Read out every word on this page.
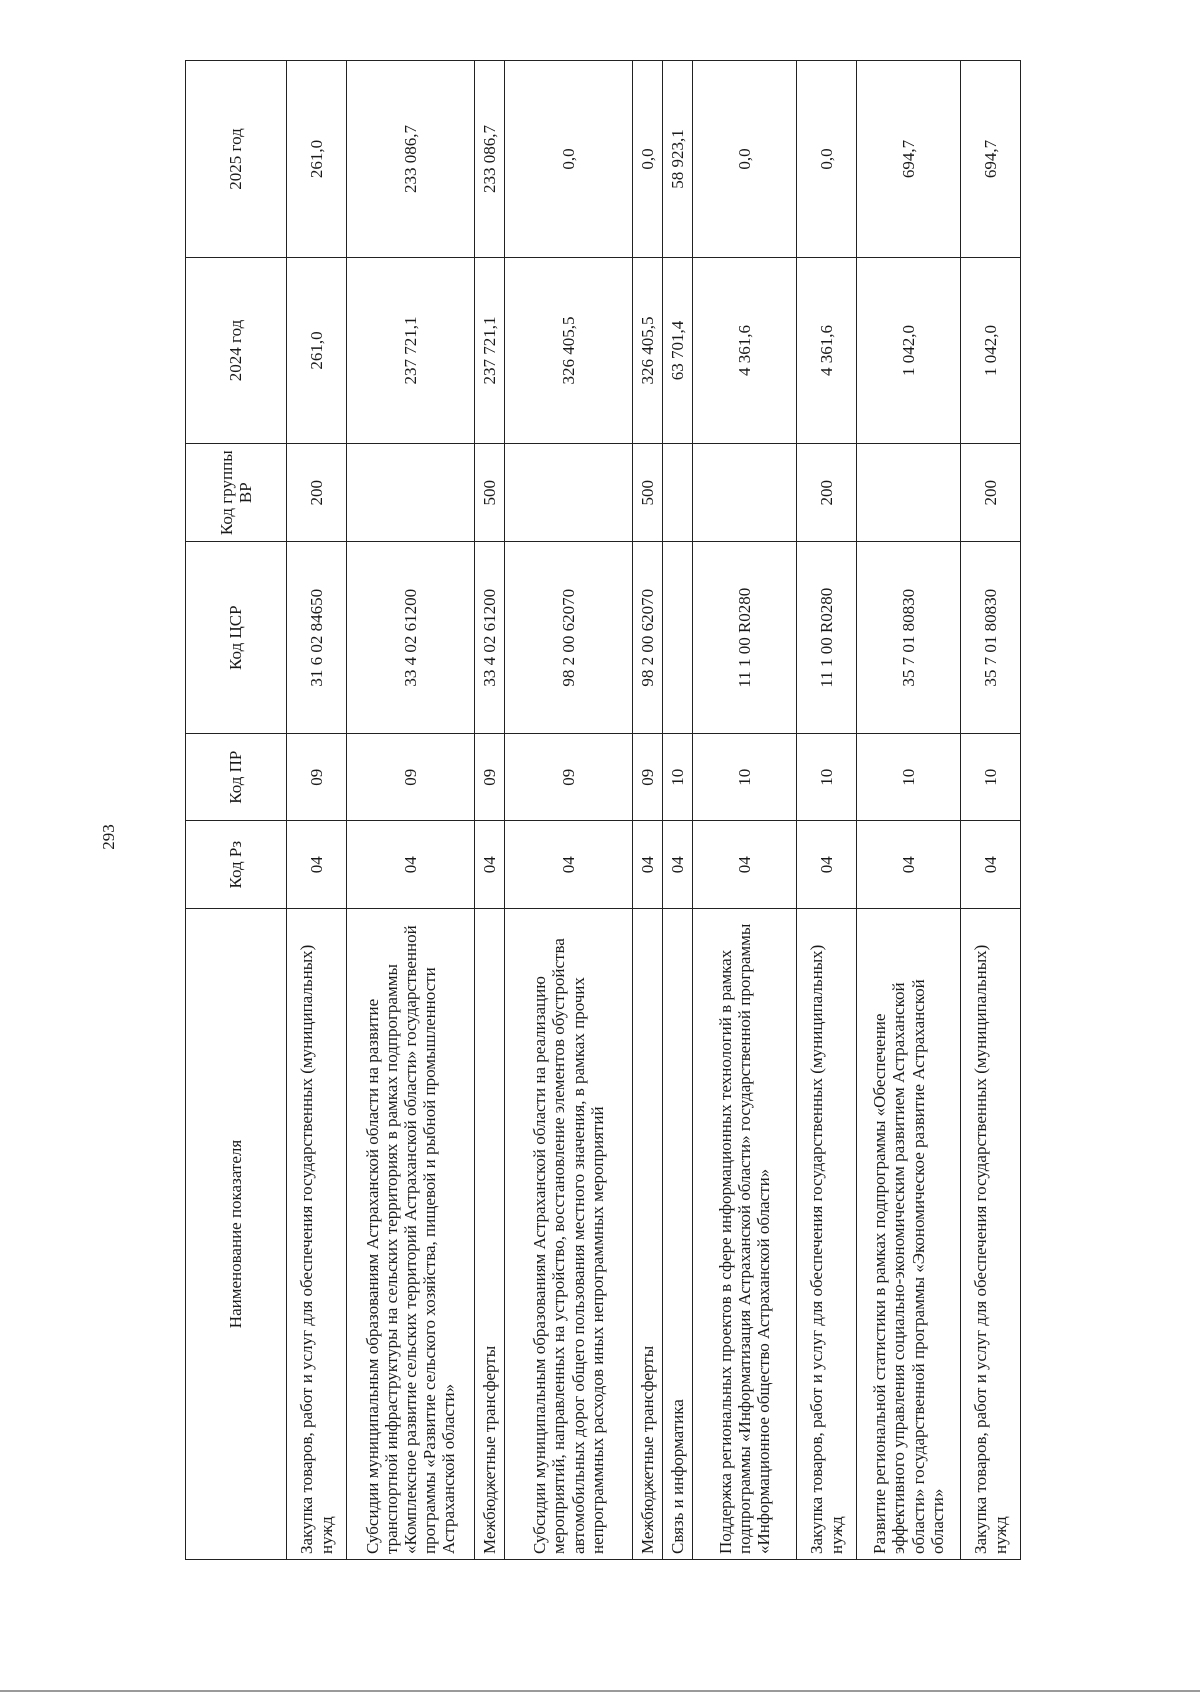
293
Наименование показателя	Код Рз	Код ПР	Код ЦСР	Код группы ВР	2024 год	2025 год
Закупка товаров, работ и услуг для обеспечения государственных (муниципальных) нужд	04	09	31 6 02 84650	200	261,0	261,0
Субсидии муниципальным образованиям Астраханской области на развитие транспортной инфраструктуры на сельских территориях в рамках подпрограммы «Комплексное развитие сельских территорий Астраханской области» государственной программы «Развитие сельского хозяйства, пищевой и рыбной промышленности Астраханской области»	04	09	33 4 02 61200		237 721,1	233 086,7
Межбюджетные трансферты	04	09	33 4 02 61200	500	237 721,1	233 086,7
Субсидии муниципальным образованиям Астраханской области на реализацию мероприятий, направленных на устройство, восстановление элементов обустройства автомобильных дорог общего пользования местного значения, в рамках прочих непрограммных расходов иных непрограммных мероприятий	04	09	98 2 00 62070		326 405,5	0,0
Межбюджетные трансферты	04	09	98 2 00 62070	500	326 405,5	0,0
Связь и информатика	04	10			63 701,4	58 923,1
Поддержка региональных проектов в сфере информационных технологий в рамках подпрограммы «Информатизация Астраханской области» государственной программы «Информационное общество Астраханской области»	04	10	11 1 00 R0280		4 361,6	0,0
Закупка товаров, работ и услуг для обеспечения государственных (муниципальных) нужд	04	10	11 1 00 R0280	200	4 361,6	0,0
Развитие региональной статистики в рамках подпрограммы «Обеспечение эффективного управления социально-экономическим развитием Астраханской области» государственной программы «Экономическое развитие Астраханской области»	04	10	35 7 01 80830		1 042,0	694,7
Закупка товаров, работ и услуг для обеспечения государственных (муниципальных) нужд	04	10	35 7 01 80830	200	1 042,0	694,7
